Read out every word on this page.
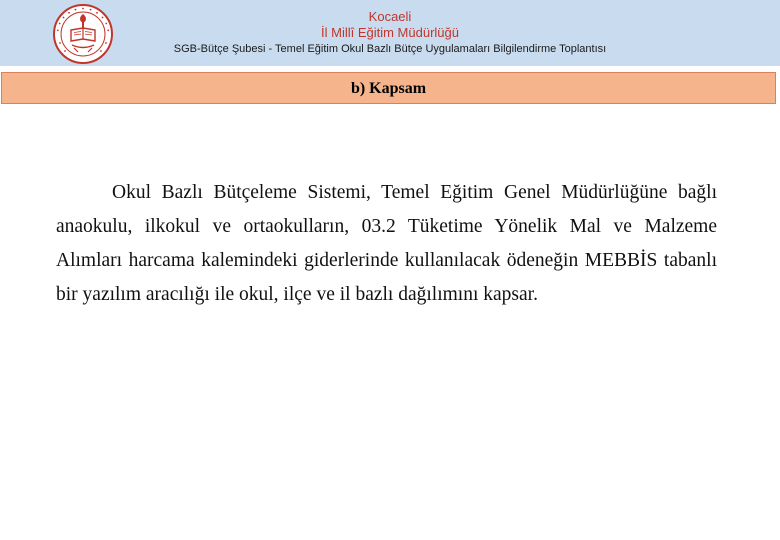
Kocaeli
İl Millî Eğitim Müdürlüğü
SGB-Bütçe Şubesi - Temel Eğitim Okul Bazlı Bütçe Uygulamaları Bilgilendirme Toplantısı
b) Kapsam

Okul Bazlı Bütçeleme Sistemi, Temel Eğitim Genel Müdürlüğüne bağlı anaokulu, ilkokul ve ortaokulların, 03.2 Tüketime Yönelik Mal ve Malzeme Alımları harcama kalemindeki giderlerinde kullanılacak ödeneğin MEBBİS tabanlı bir yazılım aracılığı ile okul, ilçe ve il bazlı dağılımını kapsar.
